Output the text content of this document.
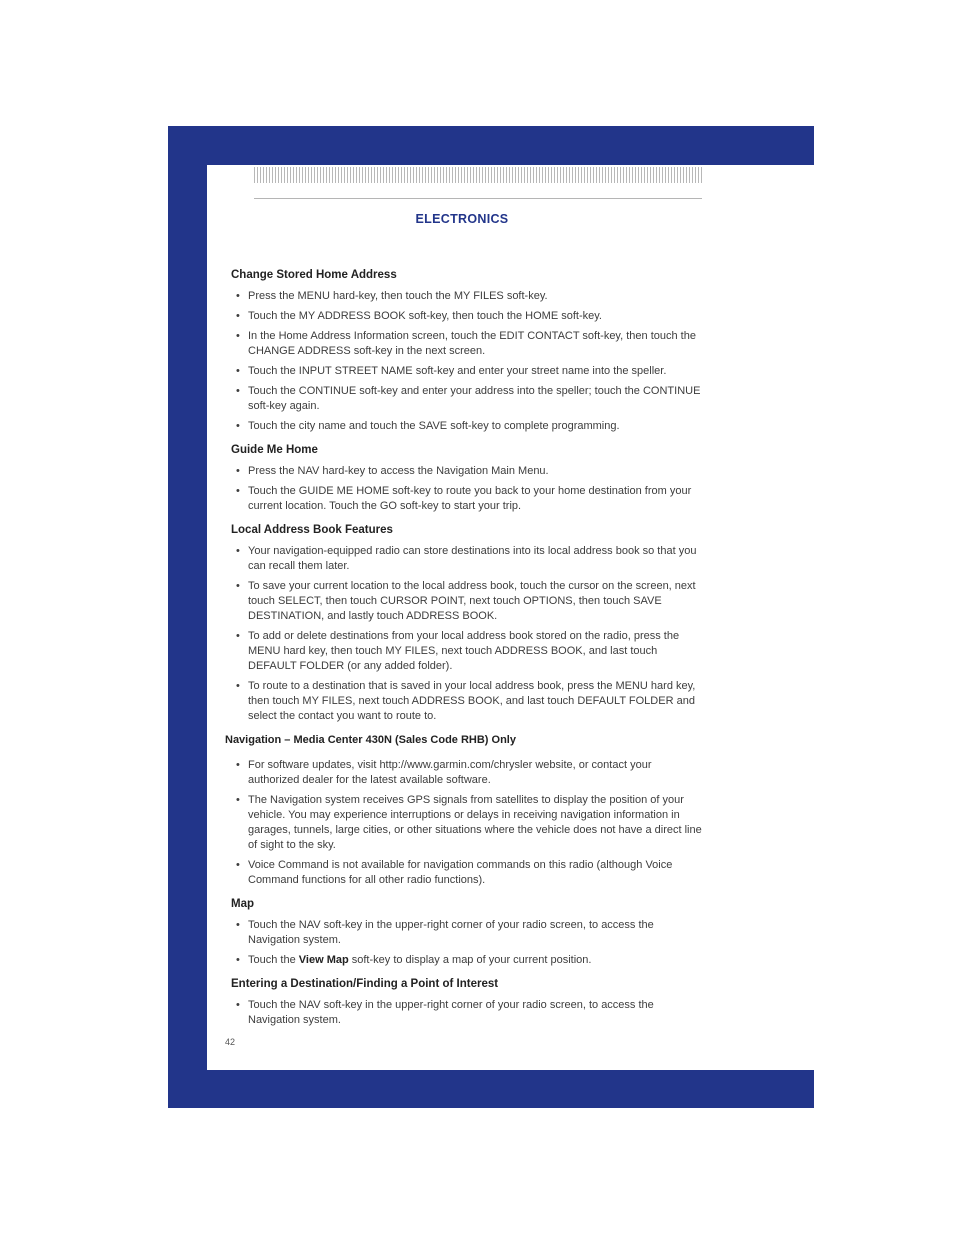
ELECTRONICS
Change Stored Home Address
• Press the MENU hard-key, then touch the MY FILES soft-key.
• Touch the MY ADDRESS BOOK soft-key, then touch the HOME soft-key.
• In the Home Address Information screen, touch the EDIT CONTACT soft-key, then touch the CHANGE ADDRESS soft-key in the next screen.
• Touch the INPUT STREET NAME soft-key and enter your street name into the speller.
• Touch the CONTINUE soft-key and enter your address into the speller; touch the CONTINUE soft-key again.
• Touch the city name and touch the SAVE soft-key to complete programming.
Guide Me Home
• Press the NAV hard-key to access the Navigation Main Menu.
• Touch the GUIDE ME HOME soft-key to route you back to your home destination from your current location. Touch the GO soft-key to start your trip.
Local Address Book Features
• Your navigation-equipped radio can store destinations into its local address book so that you can recall them later.
• To save your current location to the local address book, touch the cursor on the screen, next touch SELECT, then touch CURSOR POINT, next touch OPTIONS, then touch SAVE DESTINATION, and lastly touch ADDRESS BOOK.
• To add or delete destinations from your local address book stored on the radio, press the MENU hard key, then touch MY FILES, next touch ADDRESS BOOK, and last touch DEFAULT FOLDER (or any added folder).
• To route to a destination that is saved in your local address book, press the MENU hard key, then touch MY FILES, next touch ADDRESS BOOK, and last touch DEFAULT FOLDER and select the contact you want to route to.
Navigation – Media Center 430N (Sales Code RHB) Only
• For software updates, visit http://www.garmin.com/chrysler website, or contact your authorized dealer for the latest available software.
• The Navigation system receives GPS signals from satellites to display the position of your vehicle. You may experience interruptions or delays in receiving navigation information in garages, tunnels, large cities, or other situations where the vehicle does not have a direct line of sight to the sky.
• Voice Command is not available for navigation commands on this radio (although Voice Command functions for all other radio functions).
Map
• Touch the NAV soft-key in the upper-right corner of your radio screen, to access the Navigation system.
• Touch the View Map soft-key to display a map of your current position.
Entering a Destination/Finding a Point of Interest
• Touch the NAV soft-key in the upper-right corner of your radio screen, to access the Navigation system.
42
